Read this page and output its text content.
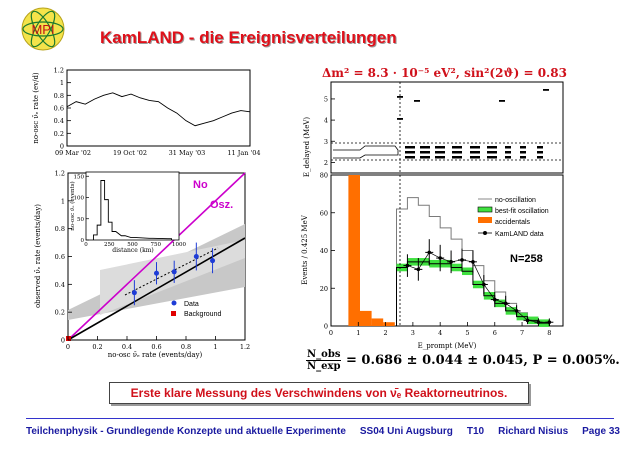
MPI	KamLAND - die Ereignisverteilungen
0
0.2
0.4
0.6
0.8
1
1.2
09 Mar '02	19 Oct '02	31 May '03	11 Jan '04
no-osc ν̄ₑ rate (ev/d)
0
0.2
0.4
0.6
0.8
1
1.2
0	0.2	0.4	0.6	0.8	1	1.2
No
Osz.
Data
Background
no-osc ν̄ₑ rate (events/day)
observed ν̄ₑ rate (events/day)	0
50
100
150
0	250 500 750 1000
distance (km)
no-osc ν̄ₑ (events)
2
3
4
5
E_delayed (MeV)
0
20
40
60
80
0	1	2	3	4	5	6	7	8
no-oscillation
best-fit oscillation
accidentals
KamLAND data
N=258
E_prompt (MeV)
Events / 0.425 MeV
Δm² = 8.3 · 10⁻⁵ eV², sin²(2ϑ) = 0.83
$\frac{\text{N\_obs}}{N\_\exp} = 0.686 \pm 0.044 \pm 0.045$, P = 0.005%.
Erste klare Messung des Verschwindens von ν̄ₑ Reaktorneutrinos.
Teilchenphysik - Grundlegende Konzepte und aktuelle Experimente SS04 Uni Augsburg T10 Richard Nisius Page 33
